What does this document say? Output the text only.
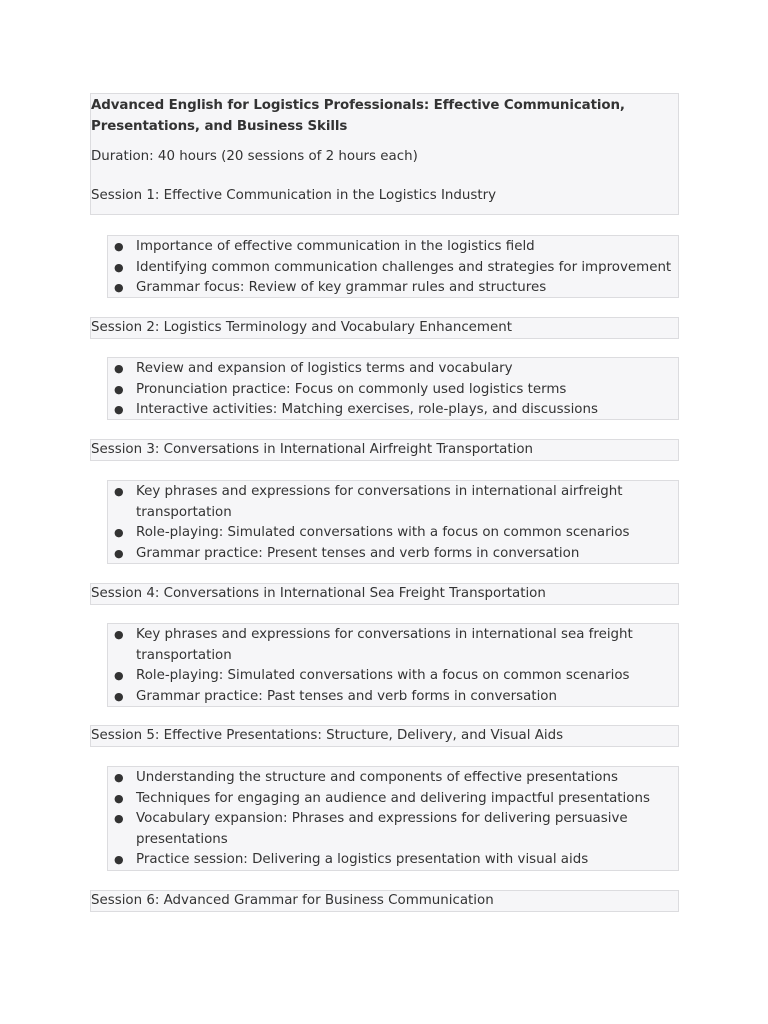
Advanced English for Logistics Professionals: Effective Communication, Presentations, and Business Skills
Duration: 40 hours (20 sessions of 2 hours each)
Session 1: Effective Communication in the Logistics Industry
● Importance of effective communication in the logistics field
● Identifying common communication challenges and strategies for improvement
● Grammar focus: Review of key grammar rules and structures
Session 2: Logistics Terminology and Vocabulary Enhancement
● Review and expansion of logistics terms and vocabulary
● Pronunciation practice: Focus on commonly used logistics terms
● Interactive activities: Matching exercises, role-plays, and discussions
Session 3: Conversations in International Airfreight Transportation
● Key phrases and expressions for conversations in international airfreight transportation
● Role-playing: Simulated conversations with a focus on common scenarios
● Grammar practice: Present tenses and verb forms in conversation
Session 4: Conversations in International Sea Freight Transportation
● Key phrases and expressions for conversations in international sea freight transportation
● Role-playing: Simulated conversations with a focus on common scenarios
● Grammar practice: Past tenses and verb forms in conversation
Session 5: Effective Presentations: Structure, Delivery, and Visual Aids
● Understanding the structure and components of effective presentations
● Techniques for engaging an audience and delivering impactful presentations
● Vocabulary expansion: Phrases and expressions for delivering persuasive presentations
● Practice session: Delivering a logistics presentation with visual aids
Session 6: Advanced Grammar for Business Communication
